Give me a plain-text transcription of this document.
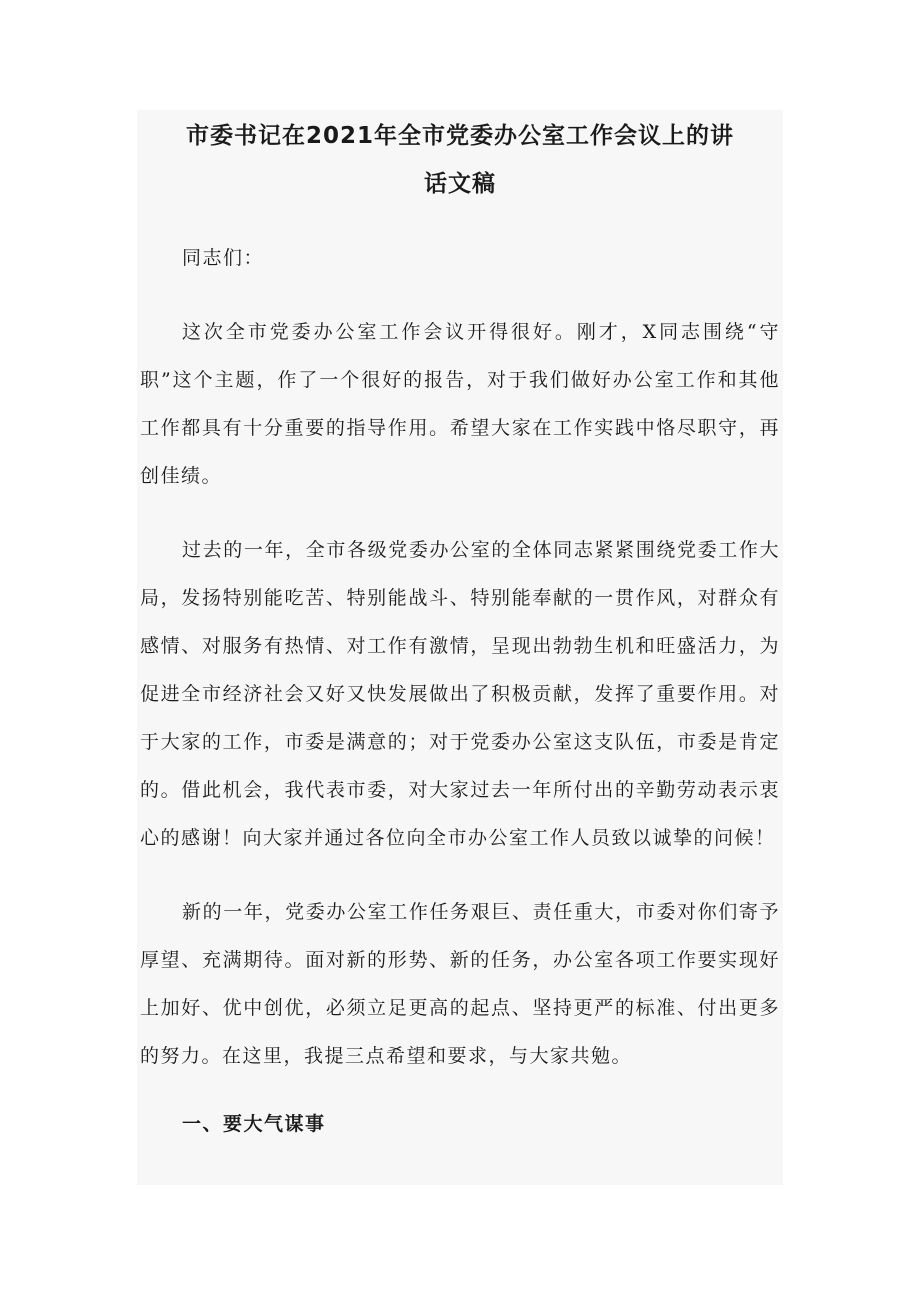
市委书记在2021年全市党委办公室工作会议上的讲
话文稿

同志们：

这次全市党委办公室工作会议开得很好。刚才，X同志围绕“守职”这个主题，作了一个很好的报告，对于我们做好办公室工作和其他工作都具有十分重要的指导作用。希望大家在工作实践中恪尽职守，再创佳绩。

过去的一年，全市各级党委办公室的全体同志紧紧围绕党委工作大局，发扬特别能吃苦、特别能战斗、特别能奉献的一贯作风，对群众有感情、对服务有热情、对工作有激情，呈现出勃勃生机和旺盛活力，为促进全市经济社会又好又快发展做出了积极贡献，发挥了重要作用。对于大家的工作，市委是满意的；对于党委办公室这支队伍，市委是肯定的。借此机会，我代表市委，对大家过去一年所付出的辛勤劳动表示衷心的感谢！向大家并通过各位向全市办公室工作人员致以诚挚的问候！

新的一年，党委办公室工作任务艰巨、责任重大，市委对你们寄予厚望、充满期待。面对新的形势、新的任务，办公室各项工作要实现好上加好、优中创优，必须立足更高的起点、坚持更严的标准、付出更多的努力。在这里，我提三点希望和要求，与大家共勉。

一、要大气谋事
